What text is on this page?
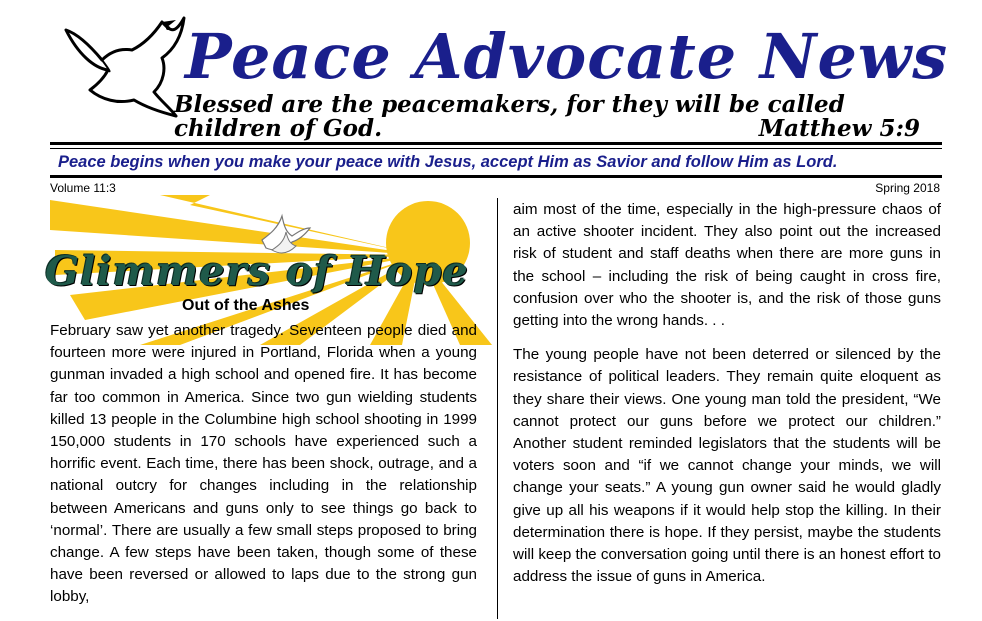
Peace Advocate News
Blessed are the peacemakers, for they will be called
children of God.	Matthew 5:9
Peace begins when you make your peace with Jesus, accept Him as Savior and follow Him as Lord.
Volume 11:3	Spring 2018
Glimmers of Hope
Out of the Ashes

February saw yet another tragedy. Seventeen people died and fourteen more were injured in Portland, Florida when a young gunman invaded a high school and opened fire. It has become far too common in America. Since two gun wielding students killed 13 people in the Columbine high school shooting in 1999 150,000 students in 170 schools have experienced such a horrific event. Each time, there has been shock, outrage, and a national outcry for changes including in the relationship between Americans and guns only to see things go back to ‘normal’. There are usually a few small steps proposed to bring change. A few steps have been taken, though some of these have been reversed or allowed to laps due to the strong gun lobby,

aim most of the time, especially in the high-pressure chaos of an active shooter incident. They also point out the increased risk of student and staff deaths when there are more guns in the school – including the risk of being caught in cross fire, confusion over who the shooter is, and the risk of those guns getting into the wrong hands. . .

The young people have not been deterred or silenced by the resistance of political leaders. They remain quite eloquent as they share their views. One young man told the president, “We cannot protect our guns before we protect our children.” Another student reminded legislators that the students will be voters soon and “if we cannot change your minds, we will change your seats.” A young gun owner said he would gladly give up all his weapons if it would help stop the killing. In their determination there is hope. If they persist, maybe the students will keep the conversation going until there is an honest effort to address the issue of guns in America.
